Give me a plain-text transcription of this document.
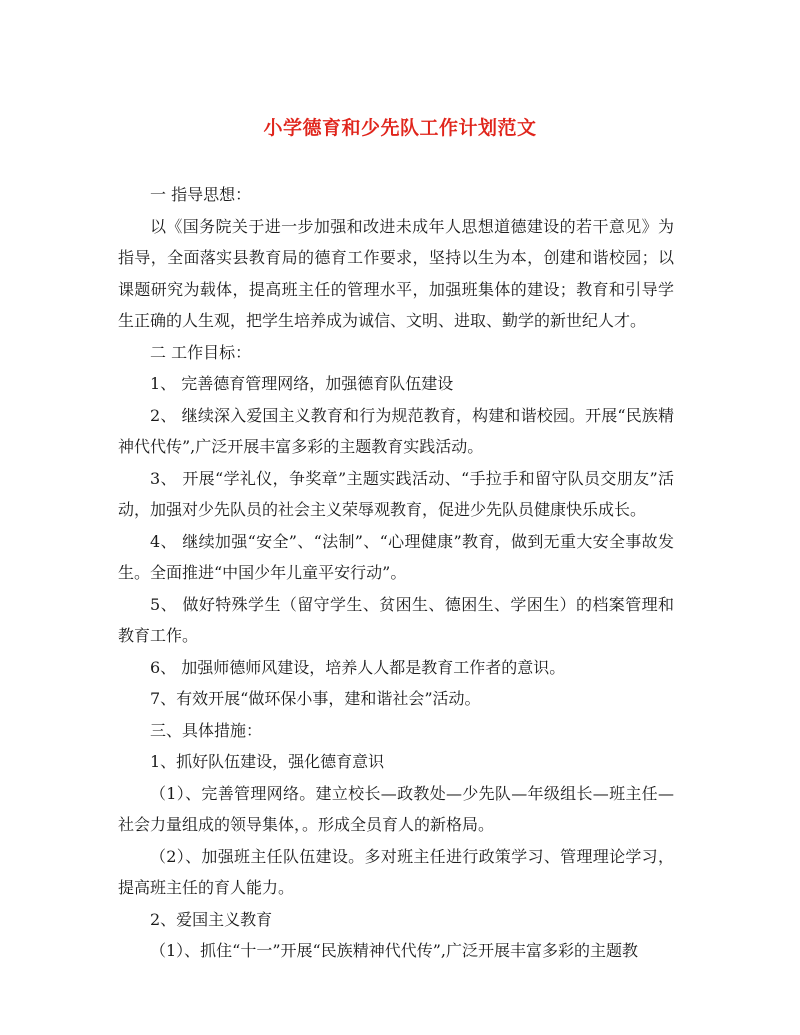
小学德育和少先队工作计划范文

一 指导思想：

以《国务院关于进一步加强和改进未成年人思想道德建设的若干意见》为指导，全面落实县教育局的德育工作要求，坚持以生为本，创建和谐校园；以课题研究为载体，提高班主任的管理水平，加强班集体的建设；教育和引导学生正确的人生观，把学生培养成为诚信、文明、进取、勤学的新世纪人才。

二 工作目标：

1、 完善德育管理网络，加强德育队伍建设

2、 继续深入爱国主义教育和行为规范教育，构建和谐校园。开展“民族精神代代传”,广泛开展丰富多彩的主题教育实践活动。

3、 开展“学礼仪，争奖章”主题实践活动、“手拉手和留守队员交朋友”活动，加强对少先队员的社会主义荣辱观教育，促进少先队员健康快乐成长。

4、 继续加强“安全”、“法制”、“心理健康”教育，做到无重大安全事故发生。全面推进“中国少年儿童平安行动”。

5、 做好特殊学生（留守学生、贫困生、德困生、学困生）的档案管理和教育工作。

6、 加强师德师风建设，培养人人都是教育工作者的意识。

7、有效开展“做环保小事，建和谐社会”活动。

三、具体措施：

1、抓好队伍建设，强化德育意识

（1）、完善管理网络。建立校长—政教处—少先队—年级组长—班主任—社会力量组成的领导集体，。形成全员育人的新格局。

（2）、加强班主任队伍建设。多对班主任进行政策学习、管理理论学习，提高班主任的育人能力。

2、爱国主义教育

（1）、抓住“十一”开展“民族精神代代传”,广泛开展丰富多彩的主题教
